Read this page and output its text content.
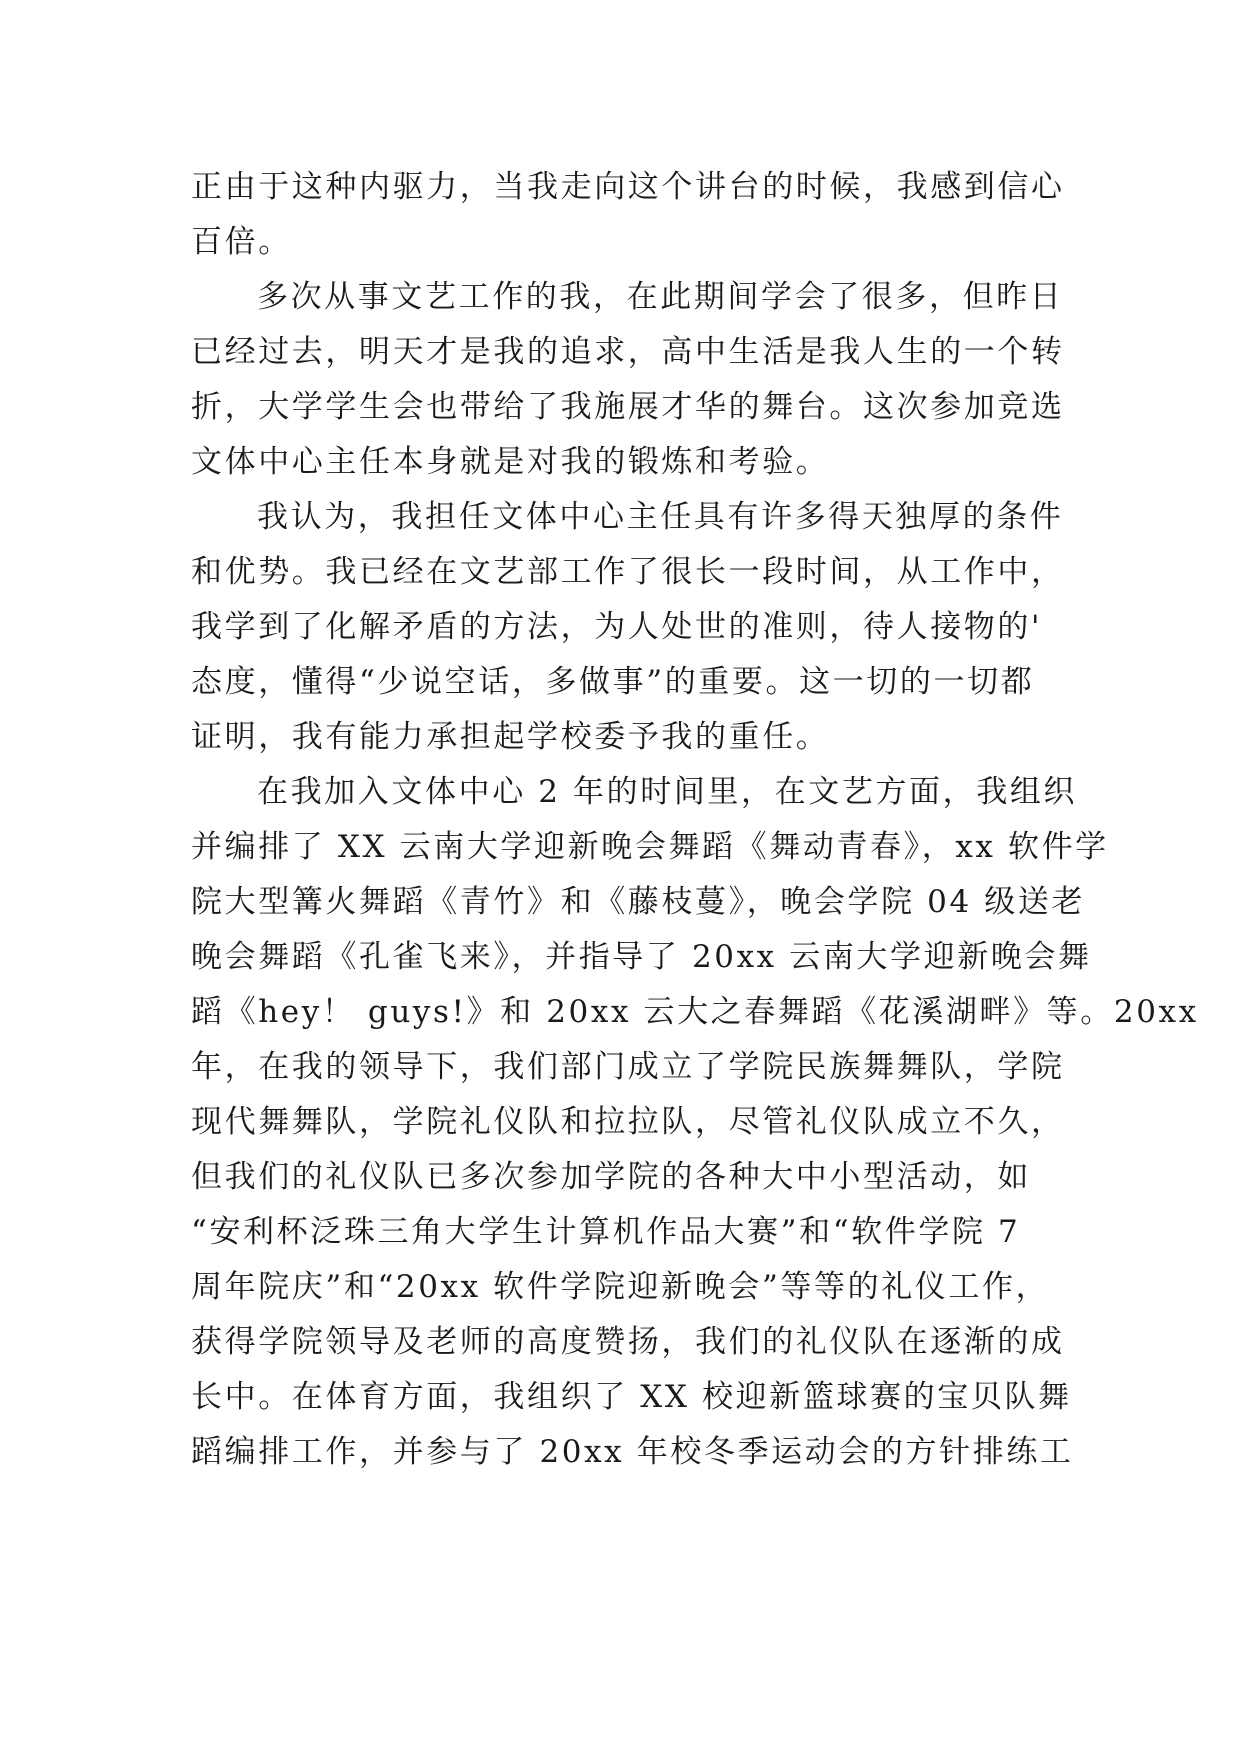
正由于这种内驱力，当我走向这个讲台的时候，我感到信心
百倍。
多次从事文艺工作的我，在此期间学会了很多，但昨日
已经过去，明天才是我的追求，高中生活是我人生的一个转
折，大学学生会也带给了我施展才华的舞台。这次参加竞选
文体中心主任本身就是对我的锻炼和考验。
我认为，我担任文体中心主任具有许多得天独厚的条件
和优势。我已经在文艺部工作了很长一段时间，从工作中，
我学到了化解矛盾的方法，为人处世的准则，待人接物的'
态度，懂得“少说空话，多做事”的重要。这一切的一切都
证明，我有能力承担起学校委予我的重任。
在我加入文体中心 2 年的时间里，在文艺方面，我组织
并编排了 XX 云南大学迎新晚会舞蹈《舞动青春》，xx 软件学
院大型篝火舞蹈《青竹》和《藤枝蔓》，晚会学院 04 级送老
晚会舞蹈《孔雀飞来》，并指导了 20xx 云南大学迎新晚会舞
蹈《hey！ guys!》和 20xx 云大之春舞蹈《花溪湖畔》等。20xx
年，在我的领导下，我们部门成立了学院民族舞舞队，学院
现代舞舞队，学院礼仪队和拉拉队，尽管礼仪队成立不久，
但我们的礼仪队已多次参加学院的各种大中小型活动，如
“安利杯泛珠三角大学生计算机作品大赛”和“软件学院 7
周年院庆”和“20xx 软件学院迎新晚会”等等的礼仪工作，
获得学院领导及老师的高度赞扬，我们的礼仪队在逐渐的成
长中。在体育方面，我组织了 XX 校迎新篮球赛的宝贝队舞
蹈编排工作，并参与了 20xx 年校冬季运动会的方针排练工
